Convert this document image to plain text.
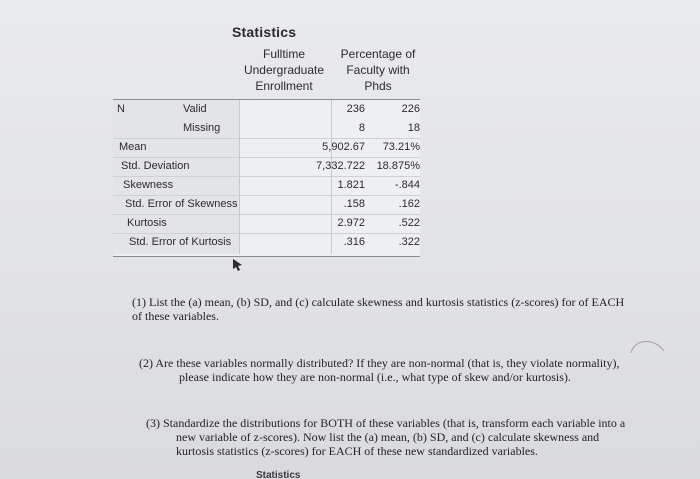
Statistics
Fulltime
Undergraduate
Enrollment
Percentage of
Faculty with
Phds
N	Valid	236	226
Missing	8	18
Mean	5,902.67	73.21%
Std. Deviation	7,332.722	18.875%
Skewness	1.821	-.844
Std. Error of Skewness	.158	.162
Kurtosis	2.972	.522
Std. Error of Kurtosis	.316	.322
(1) List the (a) mean, (b) SD, and (c) calculate skewness and kurtosis statistics (z-scores) for of EACH
of these variables.
(2) Are these variables normally distributed? If they are non-normal (that is, they violate normality),
please indicate how they are non-normal (i.e., what type of skew and/or kurtosis).
(3) Standardize the distributions for BOTH of these variables (that is, transform each variable into a
new variable of z-scores). Now list the (a) mean, (b) SD, and (c) calculate skewness and
kurtosis statistics (z-scores) for EACH of these new standardized variables.
Statistics
